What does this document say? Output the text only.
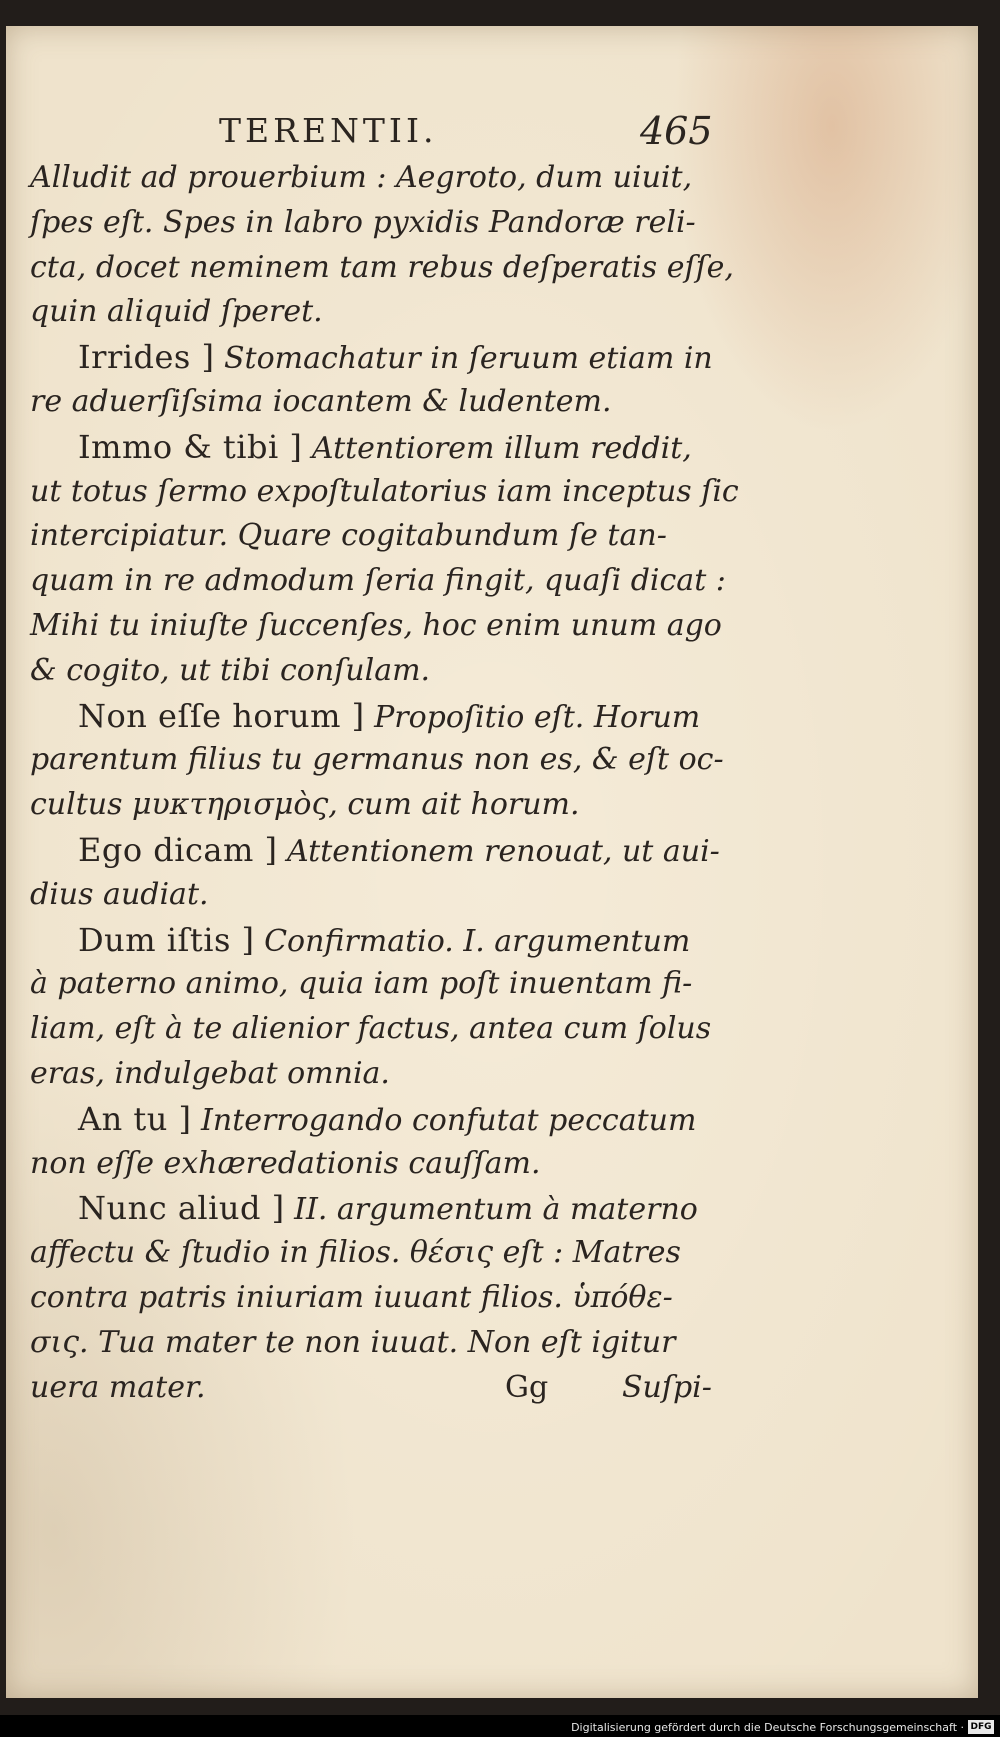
TERENTII.	465
Alludit ad prouerbium : Aegroto, dum uiuit,
ſpes eſt. Spes in labro pyxidis Pandoræ reli-
cta, docet neminem tam rebus deſperatis eſſe,
quin aliquid ſperet.
Irrides ] Stomachatur in ſeruum etiam in
re aduerſiſsima iocantem & ludentem.
Immo & tibi ] Attentiorem illum reddit,
ut totus ſermo expoſtulatorius iam inceptus ſic
intercipiatur. Quare cogitabundum ſe tan-
quam in re admodum ſeria fingit, quaſi dicat :
Mihi tu iniuſte ſuccenſes, hoc enim unum ago
& cogito, ut tibi conſulam.
Non eſſe horum ] Propoſitio eſt. Horum
parentum filius tu germanus non es, & eſt oc-
cultus μυκτηρισμὸς, cum ait horum.
Ego dicam ] Attentionem renouat, ut aui-
dius audiat.
Dum iſtis ] Confirmatio. I. argumentum
à paterno animo, quia iam poſt inuentam fi-
liam, eſt à te alienior factus, antea cum ſolus
eras, indulgebat omnia.
An tu ] Interrogando confutat peccatum
non eſſe exhæredationis cauſſam.
Nunc aliud ] II. argumentum à materno
affectu & ſtudio in filios. θέσις eſt : Matres
contra patris iniuriam iuuant filios. ὑπόθε-
σις. Tua mater te non iuuat. Non eſt igitur
uera mater.	Gg Suſpi-
Digitalisierung gefördert durch die Deutsche Forschungsgemeinschaft · DFG
